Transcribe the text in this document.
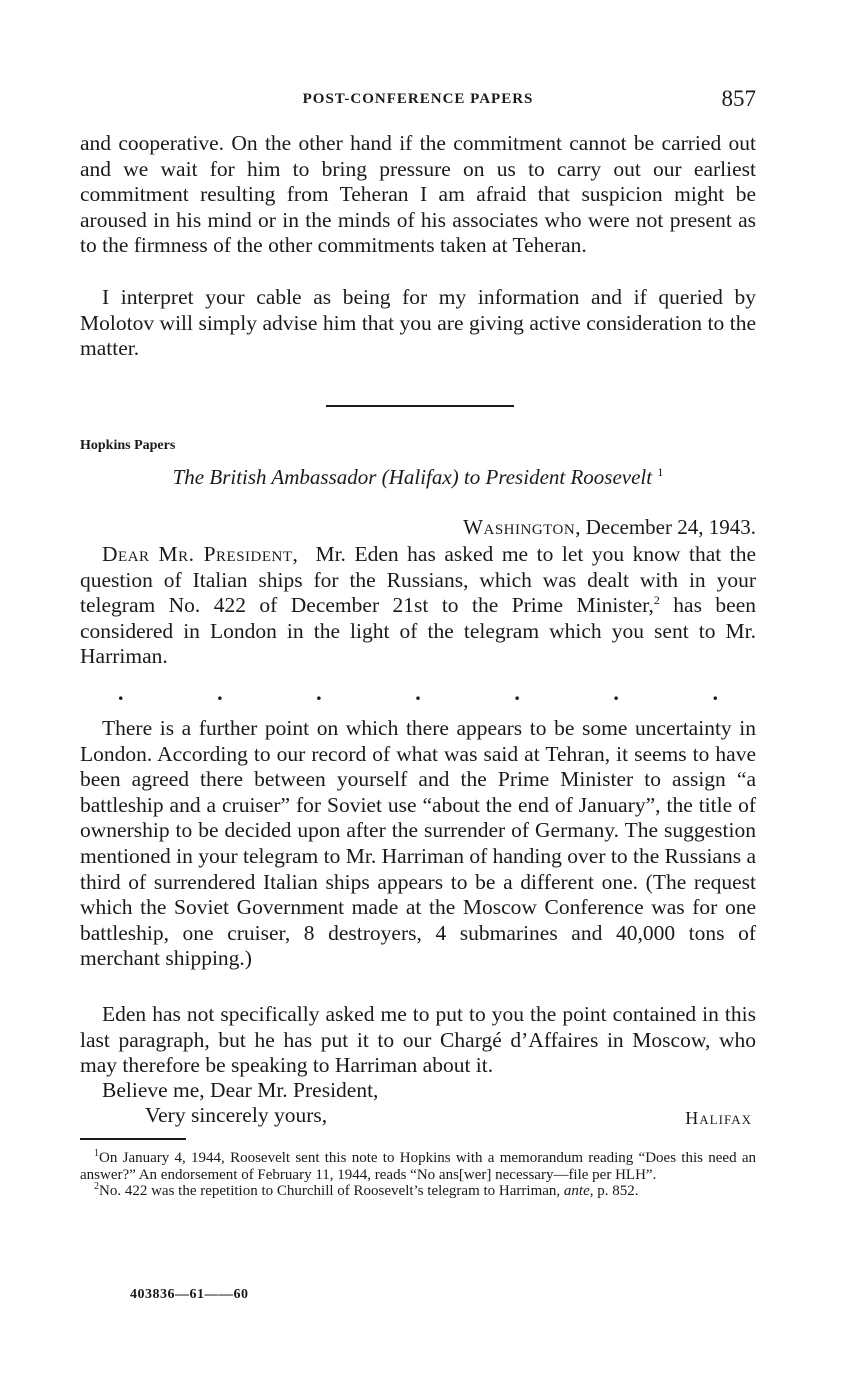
POST-CONFERENCE PAPERS	857

and cooperative. On the other hand if the commitment cannot be carried out and we wait for him to bring pressure on us to carry out our earliest commitment resulting from Teheran I am afraid that suspicion might be aroused in his mind or in the minds of his associates who were not present as to the firmness of the other commitments taken at Teheran.

I interpret your cable as being for my information and if queried by Molotov will simply advise him that you are giving active consideration to the matter.

Hopkins Papers
The British Ambassador (Halifax) to President Roosevelt $^1$
Washington, December 24, 1943.

Dear Mr. President, Mr. Eden has asked me to let you know that the question of Italian ships for the Russians, which was dealt with in your telegram No. 422 of December 21st to the Prime Minister,$^2$ has been considered in London in the light of the telegram which you sent to Mr. Harriman.

.	.	.	.	.	.	.

There is a further point on which there appears to be some uncertainty in London. According to our record of what was said at Tehran, it seems to have been agreed there between yourself and the Prime Minister to assign “a battleship and a cruiser” for Soviet use “about the end of January”, the title of ownership to be decided upon after the surrender of Germany. The suggestion mentioned in your telegram to Mr. Harriman of handing over to the Russians a third of surrendered Italian ships appears to be a different one. (The request which the Soviet Government made at the Moscow Conference was for one battleship, one cruiser, 8 destroyers, 4 submarines and 40,000 tons of merchant shipping.)

Eden has not specifically asked me to put to you the point contained in this last paragraph, but he has put it to our Chargé d’Affaires in Moscow, who may therefore be speaking to Harriman about it.

Believe me, Dear Mr. President,
Very sincerely yours,	Halifax

$^1$On January 4, 1944, Roosevelt sent this note to Hopkins with a memorandum reading “Does this need an answer?” An endorsement of February 11, 1944, reads “No ans[wer] necessary—file per HLH”.

$^2$No. 422 was the repetition to Churchill of Roosevelt’s telegram to Harriman, ante, p. 852.

403836—61——60
